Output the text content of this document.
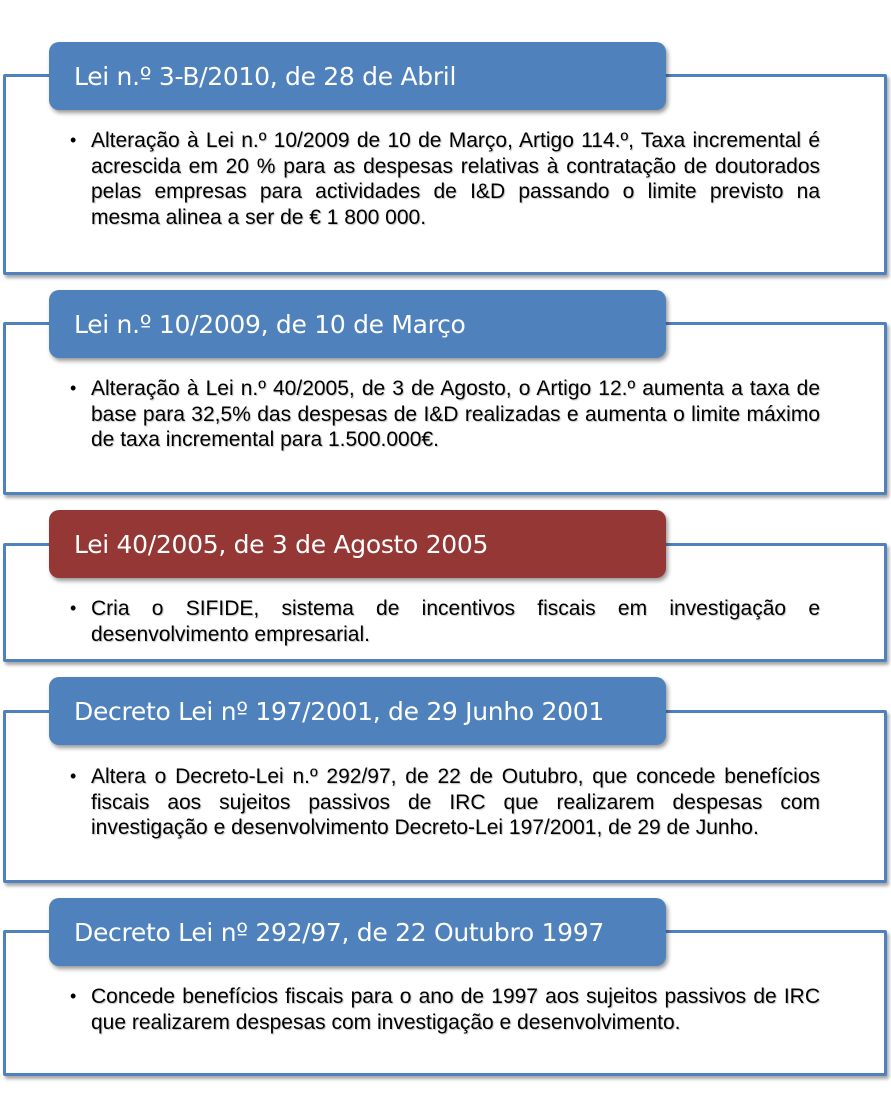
Lei n.º 3-B/2010, de 28 de Abril
• Alteração à Lei n.º 10/2009 de 10 de Março, Artigo 114.º, Taxa incremental é acrescida em 20 % para as despesas relativas à contratação de doutorados pelas empresas para actividades de I&D passando o limite previsto na mesma alinea a ser de € 1 800 000.
Lei n.º 10/2009, de 10 de Março
• Alteração à Lei n.º 40/2005, de 3 de Agosto, o Artigo 12.º aumenta a taxa de base para 32,5% das despesas de I&D realizadas e aumenta o limite máximo de taxa incremental para 1.500.000€.
Lei 40/2005, de 3 de Agosto 2005
• Cria o SIFIDE, sistema de incentivos fiscais em investigação e desenvolvimento empresarial.
Decreto Lei nº 197/2001, de 29 Junho 2001
• Altera o Decreto-Lei n.º 292/97, de 22 de Outubro, que concede benefícios fiscais aos sujeitos passivos de IRC que realizarem despesas com investigação e desenvolvimento Decreto-Lei 197/2001, de 29 de Junho.
Decreto Lei nº 292/97, de 22 Outubro 1997
• Concede benefícios fiscais para o ano de 1997 aos sujeitos passivos de IRC que realizarem despesas com investigação e desenvolvimento.
